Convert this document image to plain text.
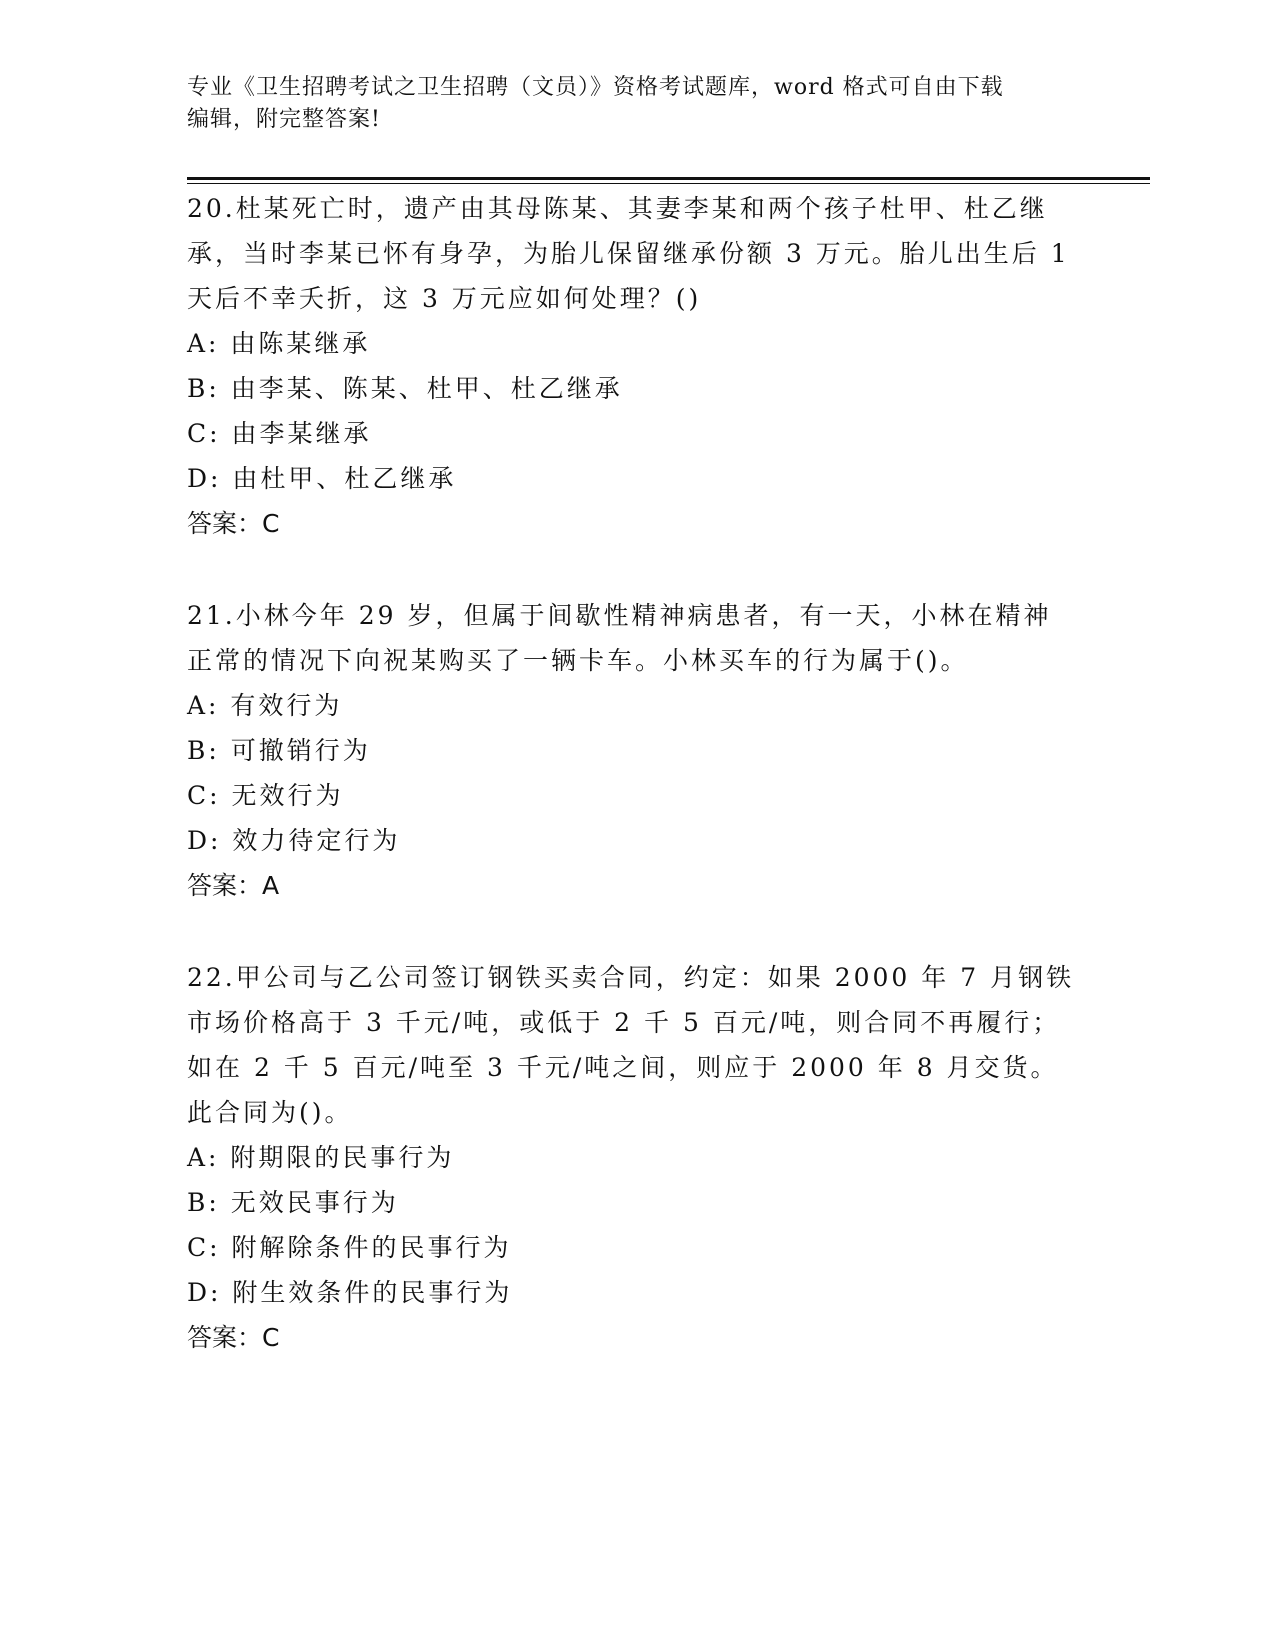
专业《卫生招聘考试之卫生招聘（文员）》资格考试题库，word 格式可自由下载
编辑，附完整答案!

20.杜某死亡时，遗产由其母陈某、其妻李某和两个孩子杜甲、杜乙继承，当时李某已怀有身孕，为胎儿保留继承份额 3 万元。胎儿出生后 1 天后不幸夭折，这 3 万元应如何处理？()

A: 由陈某继承

B: 由李某、陈某、杜甲、杜乙继承

C: 由李某继承

D: 由杜甲、杜乙继承

答案：C

21.小林今年 29 岁，但属于间歇性精神病患者，有一天，小林在精神正常的情况下向祝某购买了一辆卡车。小林买车的行为属于()。

A: 有效行为

B: 可撤销行为

C: 无效行为

D: 效力待定行为

答案：A

22.甲公司与乙公司签订钢铁买卖合同，约定：如果 2000 年 7 月钢铁市场价格高于 3 千元/吨，或低于 2 千 5 百元/吨，则合同不再履行；如在 2 千 5 百元/吨至 3 千元/吨之间，则应于 2000 年 8 月交货。此合同为()。

A: 附期限的民事行为

B: 无效民事行为

C: 附解除条件的民事行为

D: 附生效条件的民事行为

答案：C
